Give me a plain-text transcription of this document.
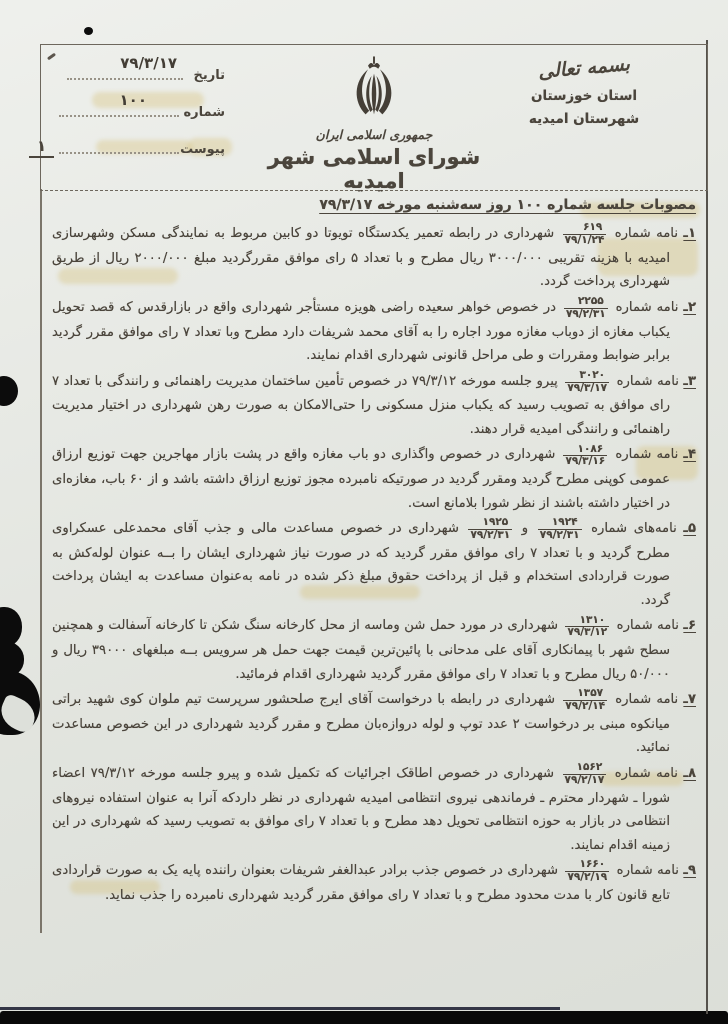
بسمه تعالی
استان خوزستان
شهرستان امیدیه
جمهوری اسلامی ایران
شورای اسلامی شهر امیدیه
تاریخ
۷۹/۳/۱۷
شماره
۱۰۰
پیوست
۱

مصوبات جلسه شماره ۱۰۰ روز سه‌شنبه مورخه ۷۹/۳/۱۷

۱ـ نامه شماره
$\frac{۶۱۹}{۷۹/۱/۲۴}$
شهرداری در رابطه تعمیر یکدستگاه تویوتا دو کابین مربوط به نمایندگی مسکن وشهرسازی امیدیه با هزینه تقریبی ۳۰۰۰/۰۰۰ ریال مطرح و با تعداد ۵ رای موافق مقررگردید مبلغ ۲۰۰۰/۰۰۰ ریال از طریق شهرداری پرداخت گردد.

۲ـ نامه شماره
$\frac{۲۲۵۵}{۷۹/۲/۳۱}$
در خصوص خواهر سعیده راضی هویزه مستأجر شهرداری واقع در بازارقدس که قصد تحویل یکباب مغازه از دوباب مغازه مورد اجاره را به آقای محمد شریفات دارد مطرح وبا تعداد ۷ رای موافق مقرر گردید برابر ضوابط ومقررات و طی مراحل قانونی شهرداری اقدام نمایند.

۳ـ نامه شماره
$\frac{۳۰۲۰}{۷۹/۳/۱۷}$
پیرو جلسه مورخه ۷۹/۳/۱۲ در خصوص تأمین ساختمان مدیریت راهنمائی و رانندگی با تعداد ۷ رای موافق به تصویب رسید که یکباب منزل مسکونی را حتی‌الامکان به صورت رهن شهرداری در اختیار مدیریت راهنمائی و رانندگی امیدیه قرار دهند.

۴ـ نامه شماره
$\frac{۱۰۸۶}{۷۹/۳/۱۶}$
شهرداری در خصوص واگذاری دو باب مغازه واقع در پشت بازار مهاجرین جهت توزیع ارزاق عمومی کوپنی مطرح گردید ومقرر گردید در صورتیکه نامبرده مجوز توزیع ارزاق داشته باشد و از ۶۰ باب، مغازه‌ای در اختیار داشته باشند از نظر شورا بلامانع است.

۵ـ نامه‌های شماره
$\frac{۱۹۲۴}{۷۹/۲/۳۱}$
و
$\frac{۱۹۲۵}{۷۹/۲/۳۱}$
شهرداری در خصوص مساعدت مالی و جذب آقای محمدعلی عسکراوی مطرح گردید و با تعداد ۷ رای موافق مقرر گردید که در صورت نیاز شهرداری ایشان را بــه عنوان لوله‌کش به صورت قراردادی استخدام و قبل از پرداخت حقوق مبلغ ذکر شده در نامه به‌عنوان مساعدت به ایشان پرداخت گردد.

۶ـ نامه شماره
$\frac{۱۳۱۰}{۷۹/۳/۱۲}$
شهرداری در مورد حمل شن وماسه از محل کارخانه سنگ شکن تا کارخانه آسفالت و همچنین سطح شهر با پیمانکاری آقای علی مدحانی با پائین‌ترین قیمت جهت حمل هر سرویس بــه مبلغهای ۳۹۰۰۰ ریال و ۵۰/۰۰۰ ریال مطرح و با تعداد ۷ رای موافق مقرر گردید شهرداری اقدام فرمائید.

۷ـ نامه شماره
$\frac{۱۳۵۷}{۷۹/۲/۱۴}$
شهرداری در رابطه با درخواست آقای ایرج صلحشور سرپرست تیم ملوان کوی شهید براتی میانکوه مبنی بر درخواست ۲ عدد توپ و لوله دروازه‌بان مطرح و مقرر گردید شهرداری در این خصوص مساعدت نمائید.

۸ـ نامه شماره
$\frac{۱۵۶۲}{۷۹/۲/۱۷}$
شهرداری در خصوص اطاقک اجرائیات که تکمیل شده و پیرو جلسه مورخه ۷۹/۳/۱۲ اعضاء شورا ـ شهردار محترم ـ فرماندهی نیروی انتظامی امیدیه شهرداری در نظر داردکه آنرا به عنوان استفاده نیروهای انتظامی در بازار به حوزه انتظامی تحویل دهد مطرح و با تعداد ۷ رای موافق به تصویب رسید که شهرداری در این زمینه اقدام نمایند.

۹ـ نامه شماره
$\frac{۱۶۶۰}{۷۹/۲/۱۹}$
شهرداری در خصوص جذب برادر عبدالغفر شریفات بعنوان راننده پایه یک به صورت قراردادی تابع قانون کار با مدت محدود مطرح و با تعداد ۷ رای موافق مقرر گردید شهرداری نامبرده را جذب نماید.
